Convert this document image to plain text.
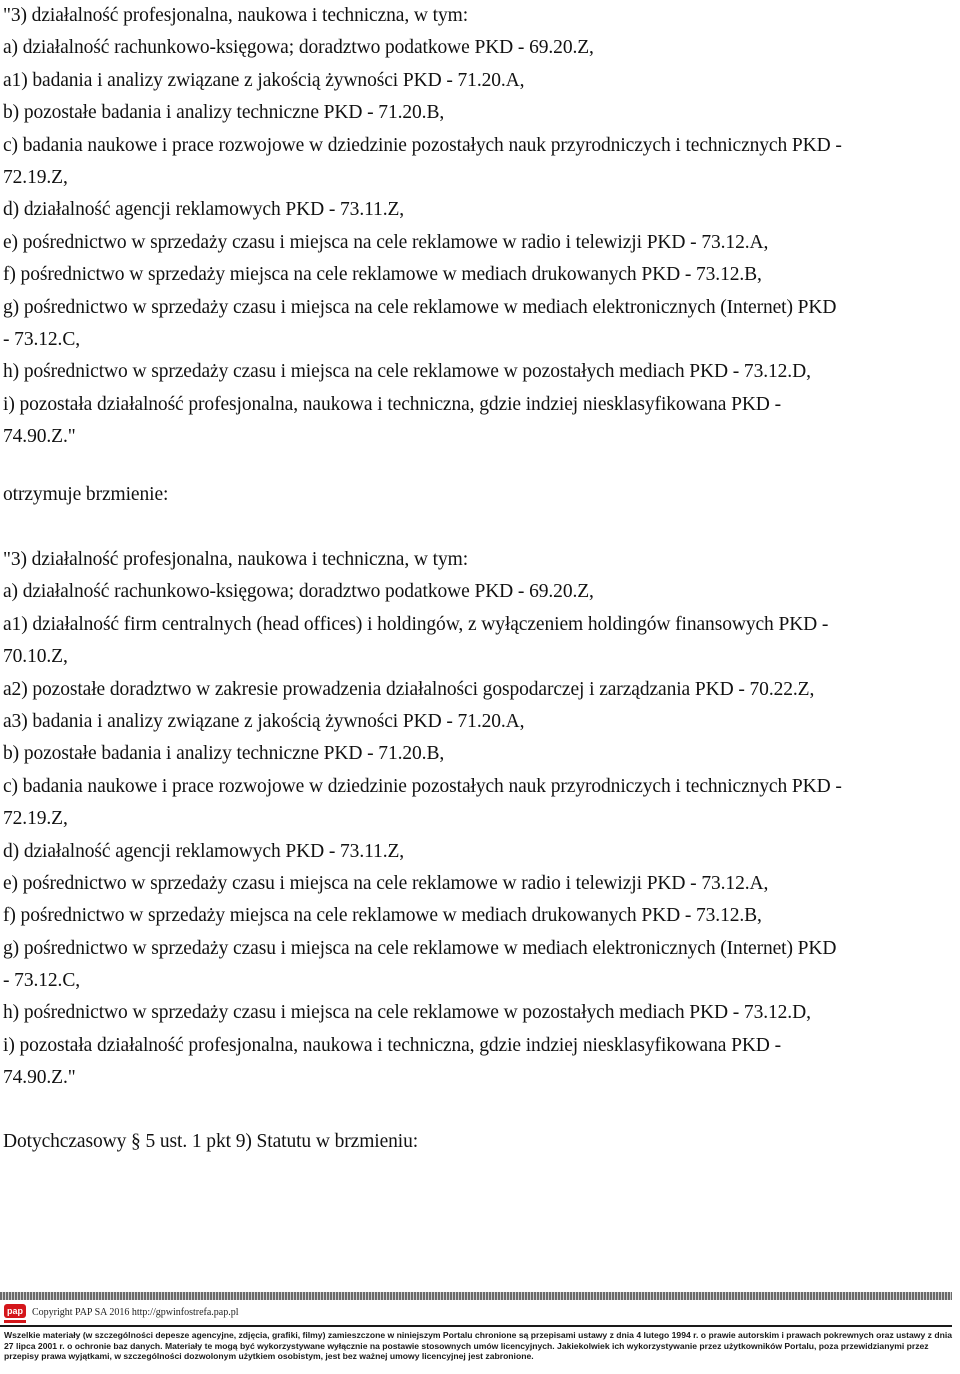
"3) działalność profesjonalna, naukowa i techniczna, w tym:
a) działalność rachunkowo-księgowa; doradztwo podatkowe PKD - 69.20.Z,
a1) badania i analizy związane z jakością żywności PKD - 71.20.A,
b) pozostałe badania i analizy techniczne PKD - 71.20.B,
c) badania naukowe i prace rozwojowe w dziedzinie pozostałych nauk przyrodniczych i technicznych PKD -
72.19.Z,
d) działalność agencji reklamowych PKD - 73.11.Z,
e) pośrednictwo w sprzedaży czasu i miejsca na cele reklamowe w radio i telewizji PKD - 73.12.A,
f) pośrednictwo w sprzedaży miejsca na cele reklamowe w mediach drukowanych PKD - 73.12.B,
g) pośrednictwo w sprzedaży czasu i miejsca na cele reklamowe w mediach elektronicznych (Internet) PKD
- 73.12.C,
h) pośrednictwo w sprzedaży czasu i miejsca na cele reklamowe w pozostałych mediach PKD - 73.12.D,
i) pozostała działalność profesjonalna, naukowa i techniczna, gdzie indziej niesklasyfikowana PKD -
74.90.Z."
otrzymuje brzmienie:
"3) działalność profesjonalna, naukowa i techniczna, w tym:
a) działalność rachunkowo-księgowa; doradztwo podatkowe PKD - 69.20.Z,
a1) działalność firm centralnych (head offices) i holdingów, z wyłączeniem holdingów finansowych PKD -
70.10.Z,
a2) pozostałe doradztwo w zakresie prowadzenia działalności gospodarczej i zarządzania PKD - 70.22.Z,
a3) badania i analizy związane z jakością żywności PKD - 71.20.A,
b) pozostałe badania i analizy techniczne PKD - 71.20.B,
c) badania naukowe i prace rozwojowe w dziedzinie pozostałych nauk przyrodniczych i technicznych PKD -
72.19.Z,
d) działalność agencji reklamowych PKD - 73.11.Z,
e) pośrednictwo w sprzedaży czasu i miejsca na cele reklamowe w radio i telewizji PKD - 73.12.A,
f) pośrednictwo w sprzedaży miejsca na cele reklamowe w mediach drukowanych PKD - 73.12.B,
g) pośrednictwo w sprzedaży czasu i miejsca na cele reklamowe w mediach elektronicznych (Internet) PKD
- 73.12.C,
h) pośrednictwo w sprzedaży czasu i miejsca na cele reklamowe w pozostałych mediach PKD - 73.12.D,
i) pozostała działalność profesjonalna, naukowa i techniczna, gdzie indziej niesklasyfikowana PKD -
74.90.Z."
Dotychczasowy § 5 ust. 1 pkt 9) Statutu w brzmieniu:
pap Copyright PAP SA 2016 http://gpwinfostrefa.pap.pl
Wszelkie materiały (w szczególności depesze agencyjne, zdjęcia, grafiki, filmy) zamieszczone w niniejszym Portalu chronione są przepisami ustawy z dnia 4 lutego 1994 r. o prawie autorskim i prawach pokrewnych oraz ustawy z dnia
27 lipca 2001 r. o ochronie baz danych. Materiały te mogą być wykorzystywane wyłącznie na postawie stosownych umów licencyjnych. Jakiekolwiek ich wykorzystywanie przez użytkowników Portalu, poza przewidzianymi przez
przepisy prawa wyjątkami, w szczególności dozwolonym użytkiem osobistym, jest bez ważnej umowy licencyjnej jest zabronione.
